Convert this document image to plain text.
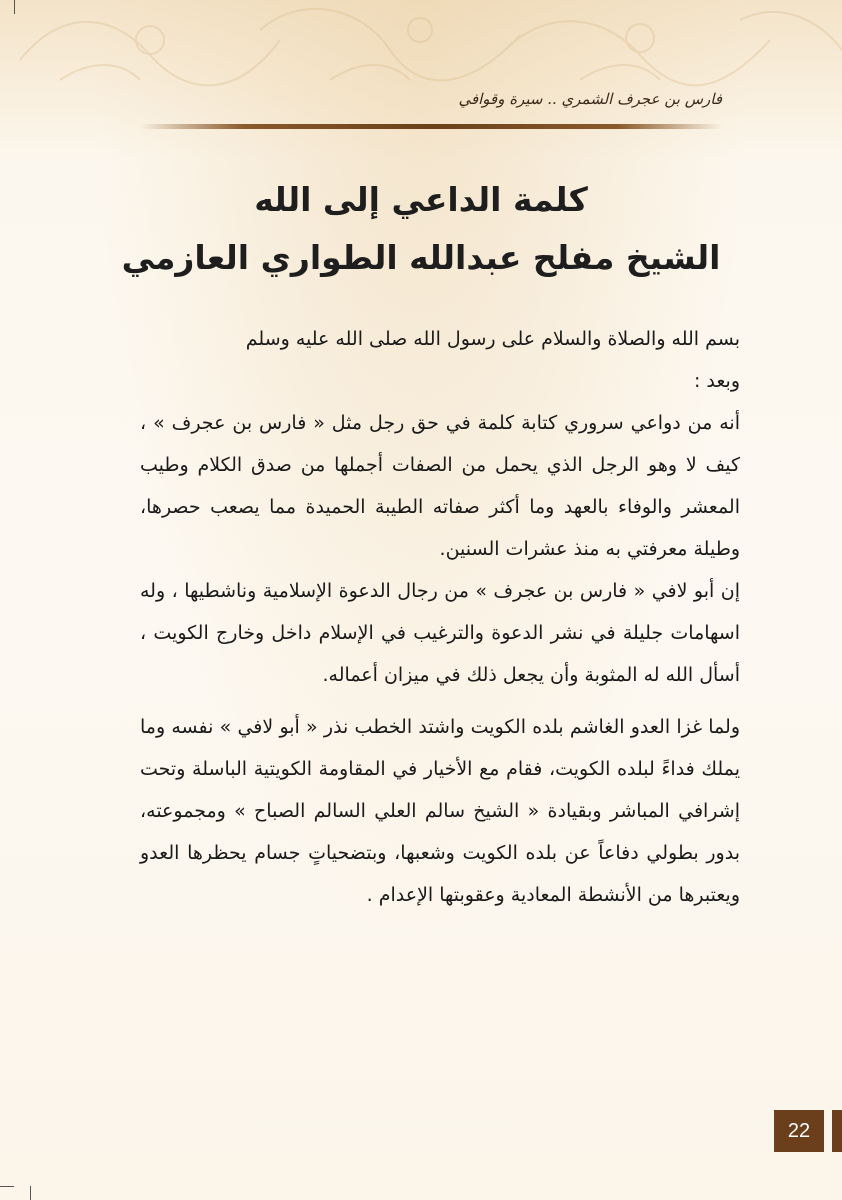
فارس بن عجرف الشمري .. سيرة وقوافي
كلمة الداعي إلى الله
الشيخ مفلح عبدالله الطواري العازمي

بسم الله والصلاة والسلام على رسول الله صلى الله عليه وسلم

وبعد :

أنه من دواعي سروري كتابة كلمة في حق رجل مثل « فارس بن عجرف » ، كيف لا وهو الرجل الذي يحمل من الصفات أجملها من صدق الكلام وطيب المعشر والوفاء بالعهد وما أكثر صفاته الطيبة الحميدة مما يصعب حصرها، وطيلة معرفتي به منذ عشرات السنين.

إن أبو لافي « فارس بن عجرف » من رجال الدعوة الإسلامية وناشطيها ، وله اسهامات جليلة في نشر الدعوة والترغيب في الإسلام داخل وخارج الكويت ، أسأل الله له المثوبة وأن يجعل ذلك في ميزان أعماله.

ولما غزا العدو الغاشم بلده الكويت واشتد الخطب نذر « أبو لافي » نفسه وما يملك فداءً لبلده الكويت، فقام مع الأخيار في المقاومة الكويتية الباسلة وتحت إشرافي المباشر وبقيادة « الشيخ سالم العلي السالم الصباح » ومجموعته، بدور بطولي دفاعاً عن بلده الكويت وشعبها، وبتضحياتٍ جسام يحظرها العدو ويعتبرها من الأنشطة المعادية وعقوبتها الإعدام .

22
